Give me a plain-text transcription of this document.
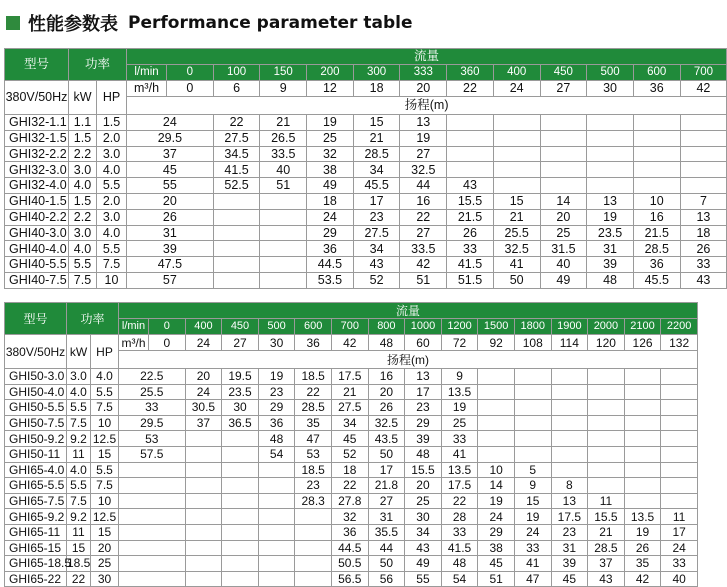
性能参数表 Performance parameter table
型号	功率		流量												
			l/min	0	100	150	200	300	333	360	400	450	500	600	700
380V/50Hz	kW	HP	m³/h	0	6	9	12	18	20	22	24	27	30	36	42
			扬程(m)												
GHI32-1.1	1.1	1.5	24		22	21	19	15	13						
GHI32-1.5	1.5	2.0	29.5		27.5	26.5	25	21	19						
GHI32-2.2	2.2	3.0	37		34.5	33.5	32	28.5	27						
GHI32-3.0	3.0	4.0	45		41.5	40	38	34	32.5						
GHI32-4.0	4.0	5.5	55		52.5	51	49	45.5	44	43					
GHI40-1.5	1.5	2.0	20				18	17	16	15.5	15	14	13	10	7
GHI40-2.2	2.2	3.0	26				24	23	22	21.5	21	20	19	16	13
GHI40-3.0	3.0	4.0	31				29	27.5	27	26	25.5	25	23.5	21.5	18
GHI40-4.0	4.0	5.5	39				36	34	33.5	33	32.5	31.5	31	28.5	26
GHI40-5.5	5.5	7.5	47.5				44.5	43	42	41.5	41	40	39	36	33
GHI40-7.5	7.5	10	57				53.5	52	51	51.5	50	49	48	45.5	43
型号	功率		流量															
			l/min	0	400	450	500	600	700	800	1000	1200	1500	1800	1900	2000	2100	2200
380V/50Hz	kW	HP	m³/h	0	24	27	30	36	42	48	60	72	92	108	114	120	126	132
			扬程(m)															
GHI50-3.0	3.0	4.0	22.5		20	19.5	19	18.5	17.5	16	13	9						
GHI50-4.0	4.0	5.5	25.5		24	23.5	23	22	21	20	17	13.5						
GHI50-5.5	5.5	7.5	33		30.5	30	29	28.5	27.5	26	23	19						
GHI50-7.5	7.5	10	29.5		37	36.5	36	35	34	32.5	29	25						
GHI50-9.2	9.2	12.5	53				48	47	45	43.5	39	33						
GHI50-11	11	15	57.5				54	53	52	50	48	41						
GHI65-4.0	4.0	5.5						18.5	18	17	15.5	13.5	10	5				
GHI65-5.5	5.5	7.5						23	22	21.8	20	17.5	14	9	8			
GHI65-7.5	7.5	10						28.3	27.8	27	25	22	19	15	13	11		
GHI65-9.2	9.2	12.5							32	31	30	28	24	19	17.5	15.5	13.5	11
GHI65-11	11	15							36	35.5	34	33	29	24	23	21	19	17
GHI65-15	15	20							44.5	44	43	41.5	38	33	31	28.5	26	24
GHI65-18.5	18.5	25							50.5	50	49	48	45	41	39	37	35	33
GHI65-22	22	30							56.5	56	55	54	51	47	45	43	42	40
